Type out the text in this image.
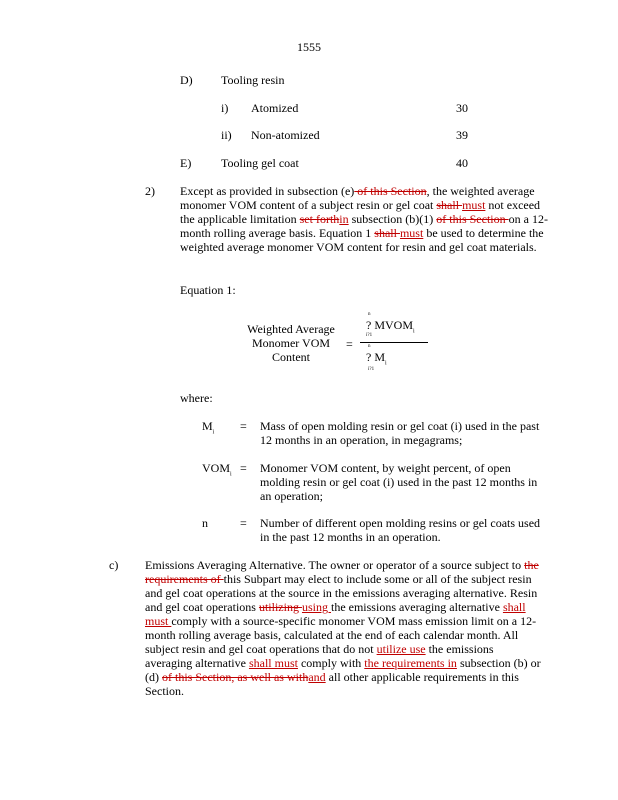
1555
D) Tooling resin
i) Atomized	30
ii) Non-atomized	39
E) Tooling gel coat	40
2) Except as provided in subsection (e) of this Section, the weighted average monomer VOM content of a subject resin or gel coat shall must not exceed the applicable limitation set forthin subsection (b)(1) of this Section on a 12-month rolling average basis. Equation 1 shall must be used to determine the weighted average monomer VOM content for resin and gel coat materials.
Equation 1:
Weighted Average
Monomer VOM
Content
=
n
? $MVOM_i$
i?1
n
? $M_i$
i?1
where:
$M_i$ = Mass of open molding resin or gel coat (i) used in the past 12 months in an operation, in megagrams;
$VOM_i$ = Monomer VOM content, by weight percent, of open molding resin or gel coat (i) used in the past 12 months in an operation;
n	= Number of different open molding resins or gel coats used in the past 12 months in an operation.
c) Emissions Averaging Alternative. The owner or operator of a source subject to the requirements of this Subpart may elect to include some or all of the subject resin and gel coat operations at the source in the emissions averaging alternative. Resin and gel coat operations utilizing using the emissions averaging alternative shall must comply with a source-specific monomer VOM mass emission limit on a 12-month rolling average basis, calculated at the end of each calendar month. All subject resin and gel coat operations that do not utilize use the emissions averaging alternative shall must comply with the requirements in subsection (b) or (d) of this Section, as well as withand all other applicable requirements in this Section.
